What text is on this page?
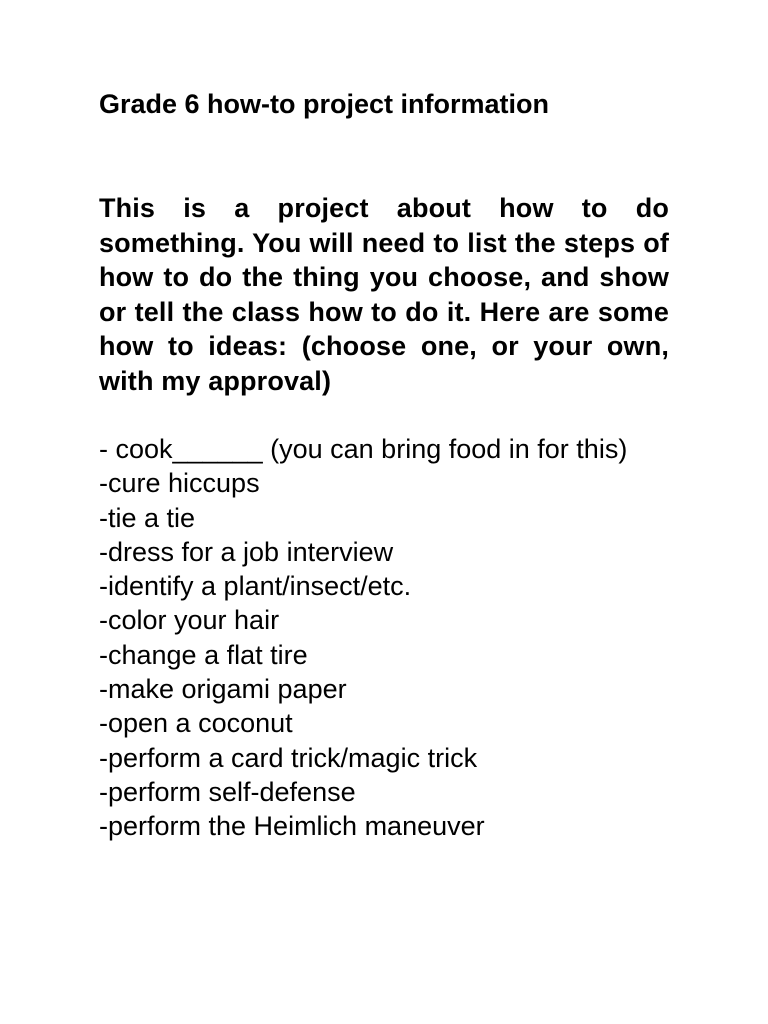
Grade 6 how-to project information

This is a project about how to do something. You will need to list the steps of how to do the thing you choose, and show or tell the class how to do it. Here are some how to ideas: (choose one, or your own, with my approval)

- cook______ (you can bring food in for this)
-cure hiccups
-tie a tie
-dress for a job interview
-identify a plant/insect/etc.
-color your hair
-change a flat tire
-make origami paper
-open a coconut
-perform a card trick/magic trick
-perform self-defense
-perform the Heimlich maneuver
